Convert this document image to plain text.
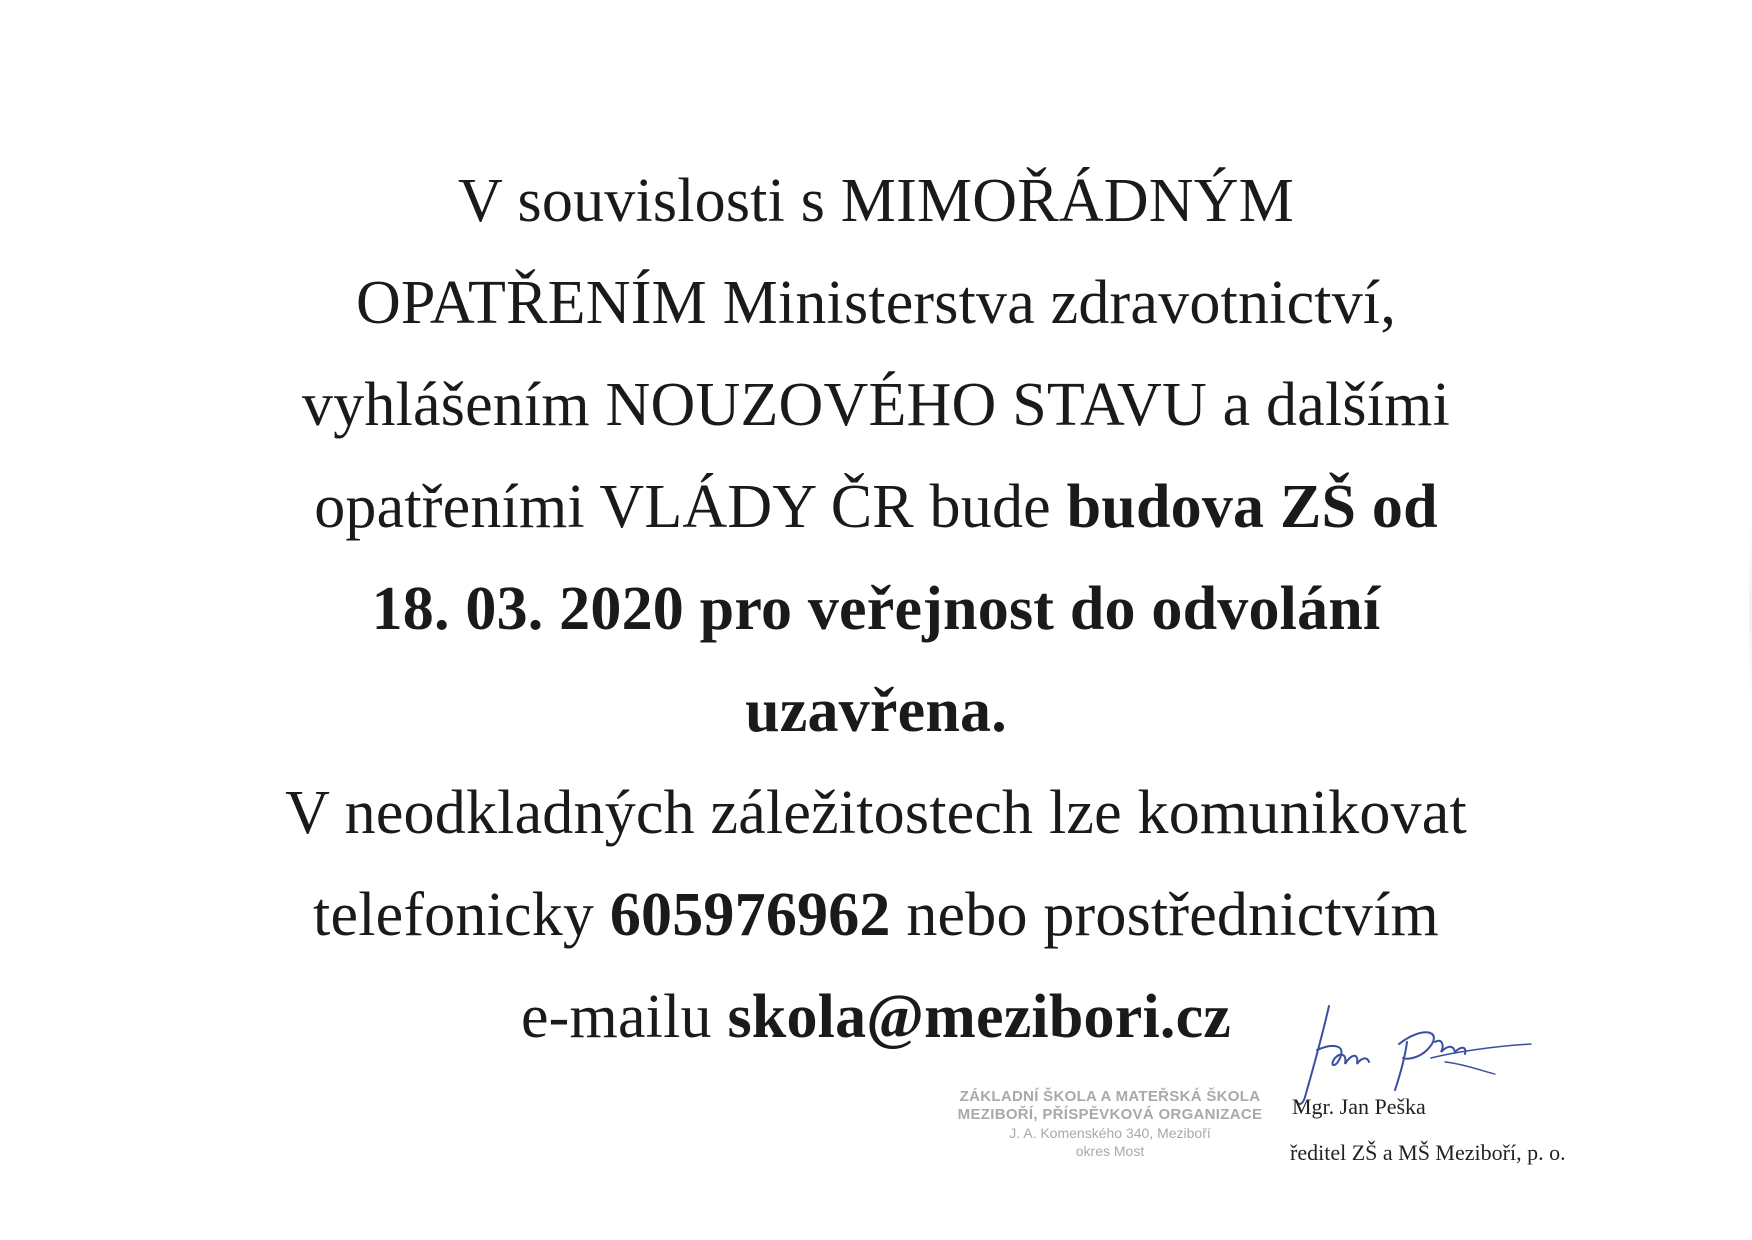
V souvislosti s MIMOŘÁDNÝM

OPATŘENÍM Ministerstva zdravotnictví,

vyhlášením NOUZOVÉHO STAVU a dalšími

opatřeními VLÁDY ČR bude budova ZŠ od

18. 03. 2020 pro veřejnost do odvolání

uzavřena.

V neodkladných záležitostech lze komunikovat

telefonicky 605976962 nebo prostřednictvím

e-mailu skola@mezibori.cz

ZÁKLADNÍ ŠKOLA A MATEŘSKÁ ŠKOLA
MEZIBOŘÍ, PŘÍSPĚVKOVÁ ORGANIZACE
J. A. Komenského 340, Meziboří
okres Most
Mgr. Jan Peška
ředitel ZŠ a MŠ Meziboří, p. o.
